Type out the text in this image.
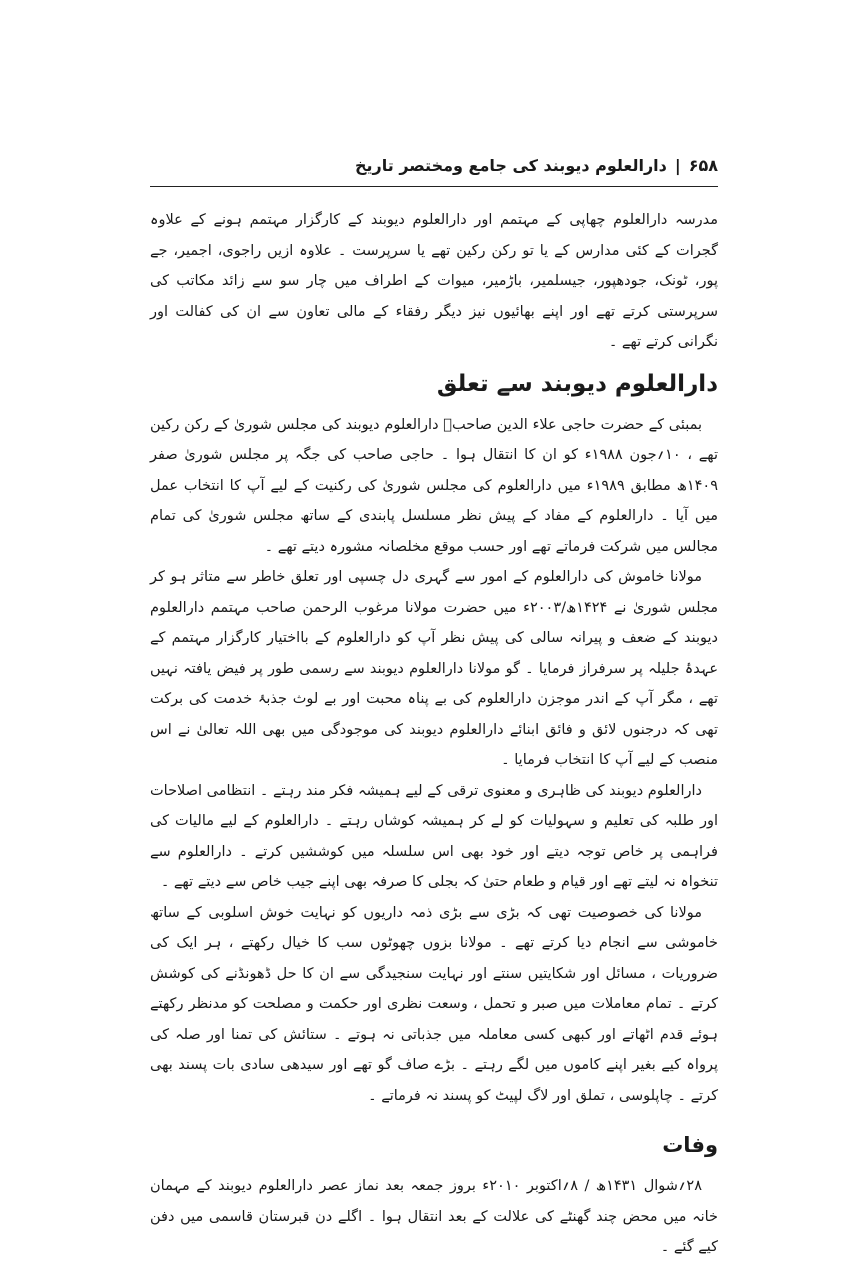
۶۵۸
|
دارالعلوم دیوبند کی جامع ومختصر تاریخ

مدرسہ دارالعلوم چھاپی کے مہتمم اور دارالعلوم دیوبند کے کارگزار مہتمم ہونے کے علاوہ گجرات کے کئی مدارس کے یا تو رکن رکین تھے یا سرپرست ۔ علاوہ ازیں راجوی، اجمیر، جے پور، ٹونک، جودھپور، جیسلمیر، باڑمیر، میوات کے اطراف میں چار سو سے زائد مکاتب کی سرپرستی کرتے تھے اور اپنے بھائیوں نیز دیگر رفقاء کے مالی تعاون سے ان کی کفالت اور نگرانی کرتے تھے ۔

دارالعلوم دیوبند سے تعلق

بمبئی کے حضرت حاجی علاء الدین صاحبؒ دارالعلوم دیوبند کی مجلس شوریٰ کے رکن رکین تھے ، ۱۰؍جون ۱۹۸۸ء کو ان کا انتقال ہوا ۔ حاجی صاحب کی جگہ پر مجلس شوریٰ صفر ۱۴۰۹ھ مطابق ۱۹۸۹ء میں دارالعلوم کی مجلس شوریٰ کی رکنیت کے لیے آپ کا انتخاب عمل میں آیا ۔ دارالعلوم کے مفاد کے پیش نظر مسلسل پابندی کے ساتھ مجلس شوریٰ کی تمام مجالس میں شرکت فرماتے تھے اور حسب موقع مخلصانہ مشورہ دیتے تھے ۔

مولانا خاموش کی دارالعلوم کے امور سے گہری دل چسپی اور تعلق خاطر سے متاثر ہو کر مجلس شوریٰ نے ۱۴۲۴ھ/۲۰۰۳ء میں حضرت مولانا مرغوب الرحمن صاحب مہتمم دارالعلوم دیوبند کے ضعف و پیرانہ سالی کی پیش نظر آپ کو دارالعلوم کے بااختیار کارگزار مہتمم کے عہدۂ جلیلہ پر سرفراز فرمایا ۔ گو مولانا دارالعلوم دیوبند سے رسمی طور پر فیض یافتہ نہیں تھے ، مگر آپ کے اندر موجزن دارالعلوم کی بے پناہ محبت اور بے لوث جذبۂ خدمت کی برکت تھی کہ درجنوں لائق و فائق ابنائے دارالعلوم دیوبند کی موجودگی میں بھی اللہ تعالیٰ نے اس منصب کے لیے آپ کا انتخاب فرمایا ۔

دارالعلوم دیوبند کی ظاہری و معنوی ترقی کے لیے ہمیشہ فکر مند رہتے ۔ انتظامی اصلاحات اور طلبہ کی تعلیم و سہولیات کو لے کر ہمیشہ کوشاں رہتے ۔ دارالعلوم کے لیے مالیات کی فراہمی پر خاص توجہ دیتے اور خود بھی اس سلسلہ میں کوششیں کرتے ۔ دارالعلوم سے تنخواہ نہ لیتے تھے اور قیام و طعام حتیٰ کہ بجلی کا صرفہ بھی اپنے جیب خاص سے دیتے تھے ۔

مولانا کی خصوصیت تھی کہ بڑی سے بڑی ذمہ داریوں کو نہایت خوش اسلوبی کے ساتھ خاموشی سے انجام دیا کرتے تھے ۔ مولانا بزوں چھوٹوں سب کا خیال رکھتے ، ہر ایک کی ضروریات ، مسائل اور شکایتیں سنتے اور نہایت سنجیدگی سے ان کا حل ڈھونڈنے کی کوشش کرتے ۔ تمام معاملات میں صبر و تحمل ، وسعت نظری اور حکمت و مصلحت کو مدنظر رکھتے ہوئے قدم اٹھاتے اور کبھی کسی معاملہ میں جذباتی نہ ہوتے ۔ ستائش کی تمنا اور صلہ کی پرواہ کیے بغیر اپنے کاموں میں لگے رہتے ۔ بڑے صاف گو تھے اور سیدھی سادی بات پسند بھی کرتے ۔ چاپلوسی ، تملق اور لاگ لپیٹ کو پسند نہ فرماتے ۔

وفات

۲۸؍شوال ۱۴۳۱ھ / ۸؍اکتوبر ۲۰۱۰ء بروز جمعہ بعد نماز عصر دارالعلوم دیوبند کے مہمان خانہ میں محض چند گھنٹے کی علالت کے بعد انتقال ہوا ۔ اگلے دن قبرستان قاسمی میں دفن کیے گئے ۔
